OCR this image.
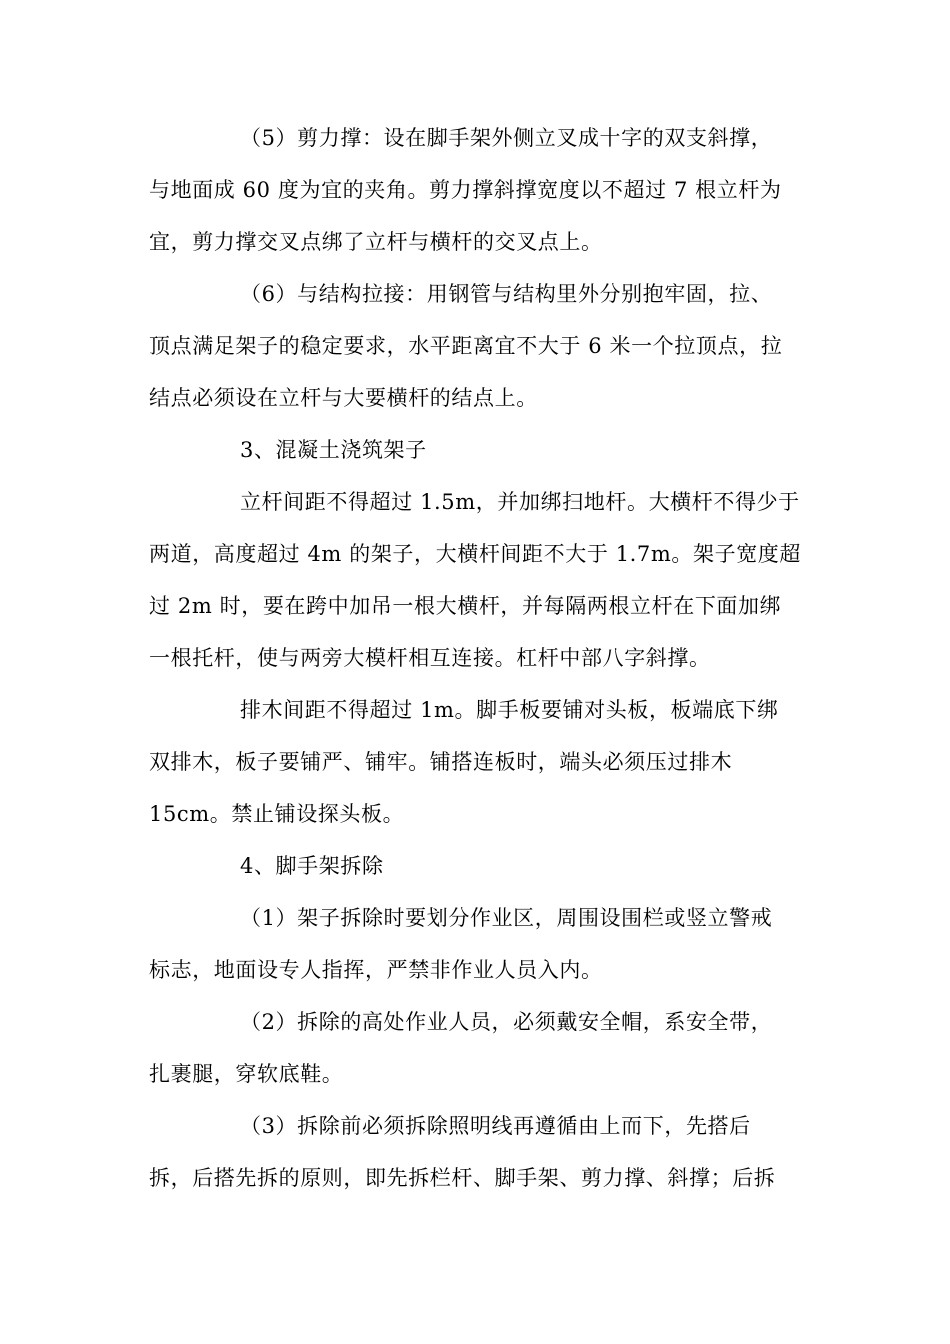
（5）剪力撑：设在脚手架外侧立叉成十字的双支斜撑，
与地面成 60 度为宜的夹角。剪力撑斜撑宽度以不超过 7 根立杆为
宜，剪力撑交叉点绑了立杆与横杆的交叉点上。
（6）与结构拉接：用钢管与结构里外分别抱牢固，拉、
顶点满足架子的稳定要求，水平距离宜不大于 6 米一个拉顶点，拉
结点必须设在立杆与大要横杆的结点上。
3、混凝土浇筑架子
立杆间距不得超过 1.5m，并加绑扫地杆。大横杆不得少于
两道，高度超过 4m 的架子，大横杆间距不大于 1.7m。架子宽度超
过 2m 时，要在跨中加吊一根大横杆，并每隔两根立杆在下面加绑
一根托杆，使与两旁大模杆相互连接。杠杆中部八字斜撑。
排木间距不得超过 1m。脚手板要铺对头板，板端底下绑
双排木，板子要铺严、铺牢。铺搭连板时，端头必须压过排木
15cm。禁止铺设探头板。
4、脚手架拆除
（1）架子拆除时要划分作业区，周围设围栏或竖立警戒
标志，地面设专人指挥，严禁非作业人员入内。
（2）拆除的高处作业人员，必须戴安全帽，系安全带，
扎裹腿，穿软底鞋。
（3）拆除前必须拆除照明线再遵循由上而下，先搭后
拆，后搭先拆的原则，即先拆栏杆、脚手架、剪力撑、斜撑；后拆
